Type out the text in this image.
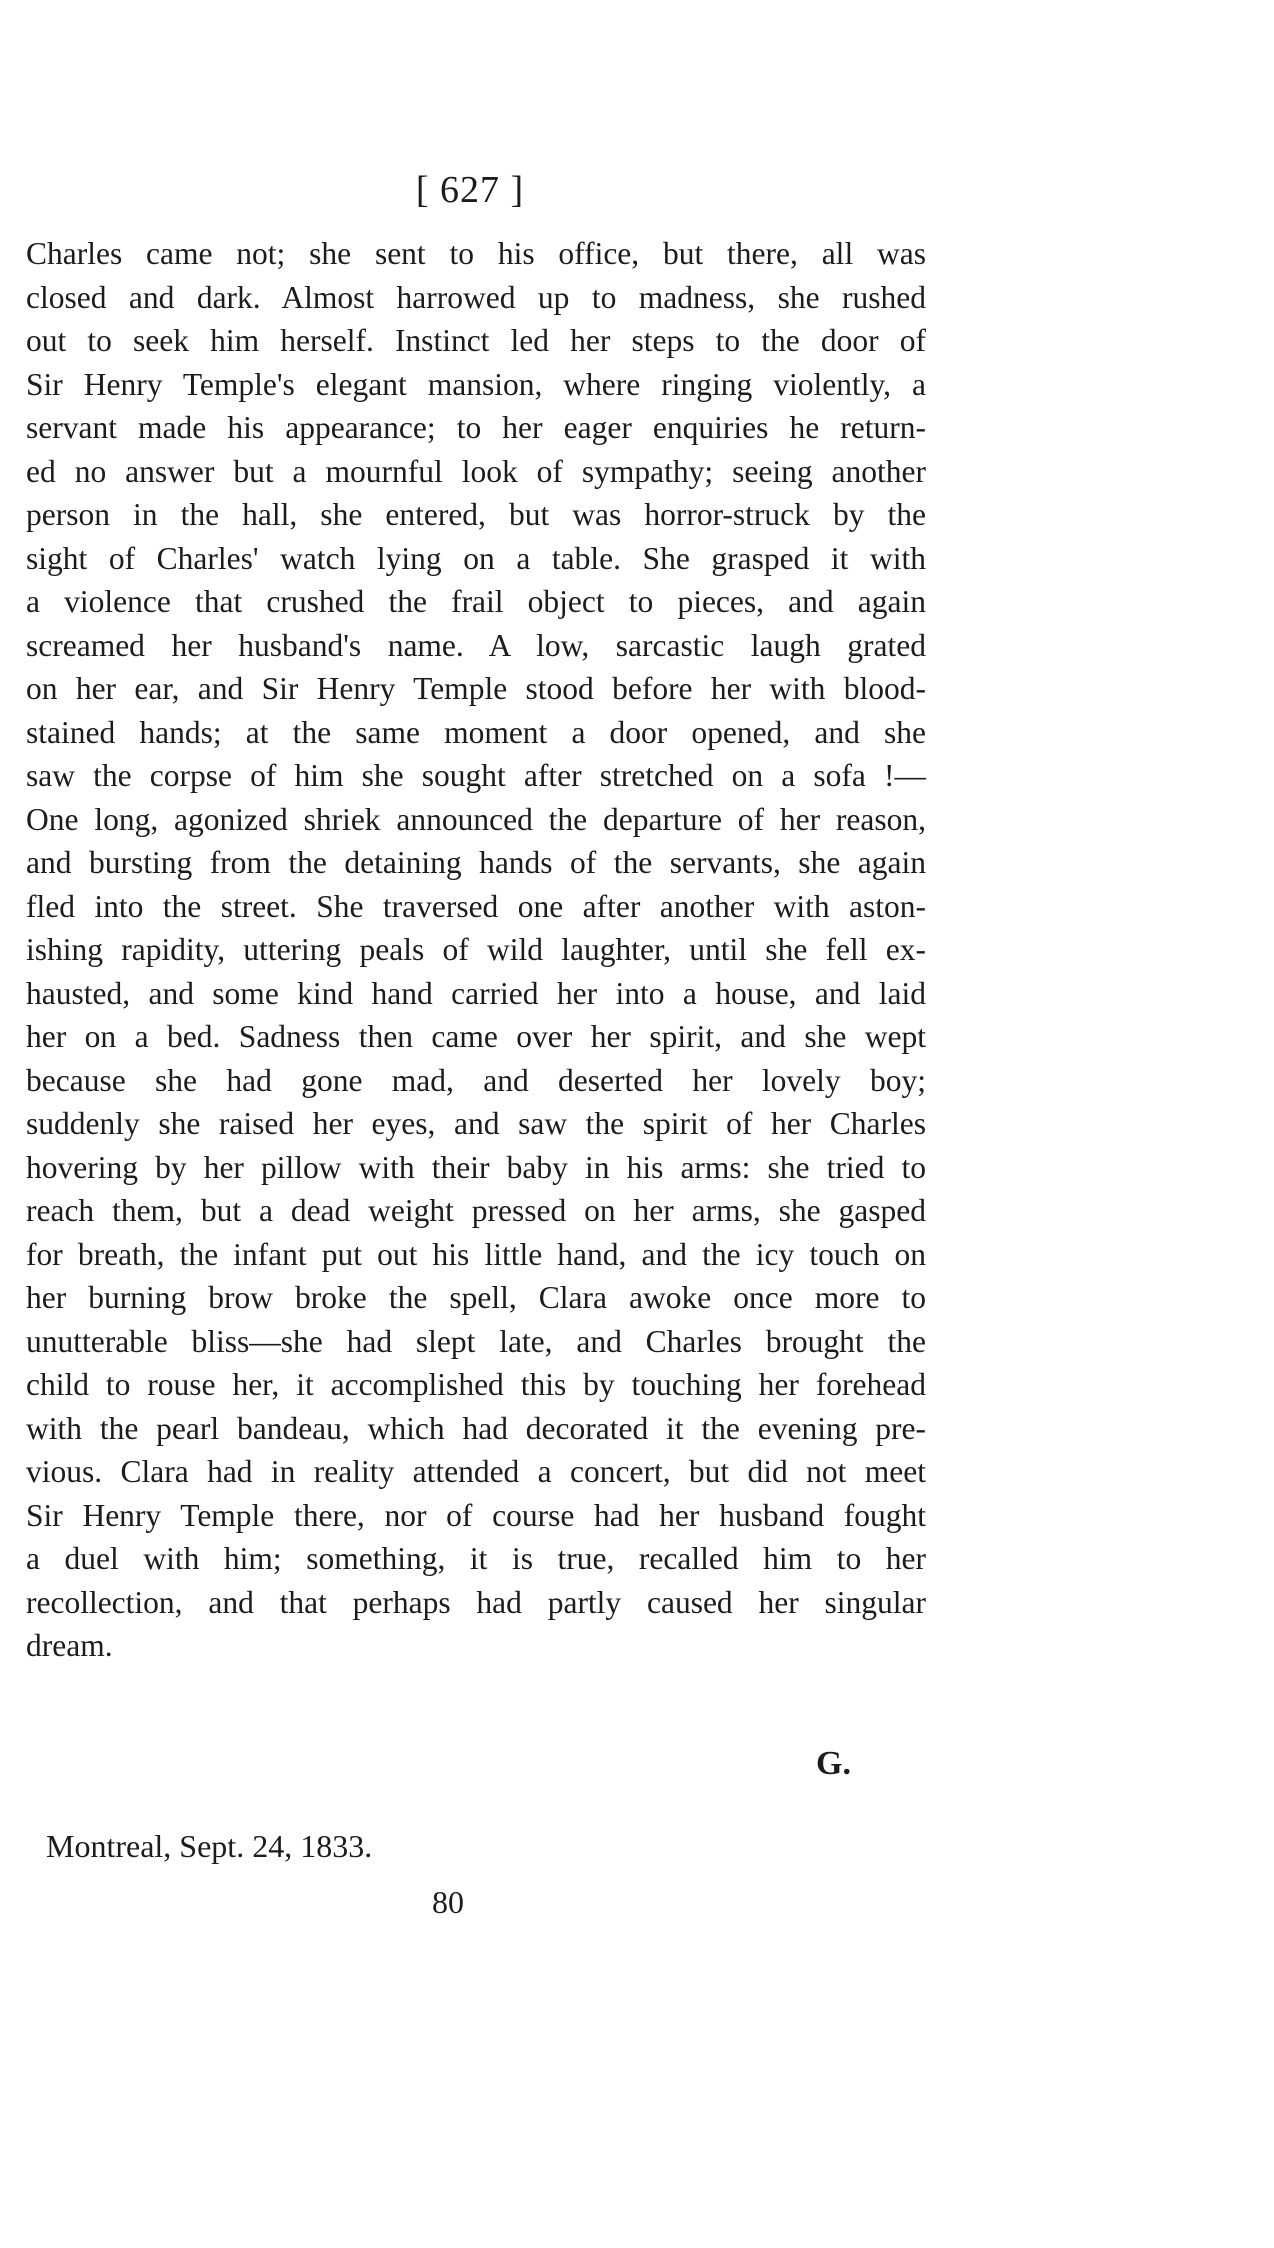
[ 627 ]

Charles came not; she sent to his office, but there, all was
closed and dark. Almost harrowed up to madness, she rushed
out to seek him herself. Instinct led her steps to the door of
Sir Henry Temple's elegant mansion, where ringing violently, a
servant made his appearance; to her eager enquiries he return-
ed no answer but a mournful look of sympathy; seeing another
person in the hall, she entered, but was horror-struck by the
sight of Charles' watch lying on a table. She grasped it with
a violence that crushed the frail object to pieces, and again
screamed her husband's name. A low, sarcastic laugh grated
on her ear, and Sir Henry Temple stood before her with blood-
stained hands; at the same moment a door opened, and she
saw the corpse of him she sought after stretched on a sofa !—
One long, agonized shriek announced the departure of her reason,
and bursting from the detaining hands of the servants, she again
fled into the street. She traversed one after another with aston-
ishing rapidity, uttering peals of wild laughter, until she fell ex-
hausted, and some kind hand carried her into a house, and laid
her on a bed. Sadness then came over her spirit, and she wept
because she had gone mad, and deserted her lovely boy;
suddenly she raised her eyes, and saw the spirit of her Charles
hovering by her pillow with their baby in his arms: she tried to
reach them, but a dead weight pressed on her arms, she gasped
for breath, the infant put out his little hand, and the icy touch on
her burning brow broke the spell, Clara awoke once more to
unutterable bliss—she had slept late, and Charles brought the
child to rouse her, it accomplished this by touching her forehead
with the pearl bandeau, which had decorated it the evening pre-
vious. Clara had in reality attended a concert, but did not meet
Sir Henry Temple there, nor of course had her husband fought
a duel with him; something, it is true, recalled him to her
recollection, and that perhaps had partly caused her singular
dream.

G.
Montreal, Sept. 24, 1833.
80
